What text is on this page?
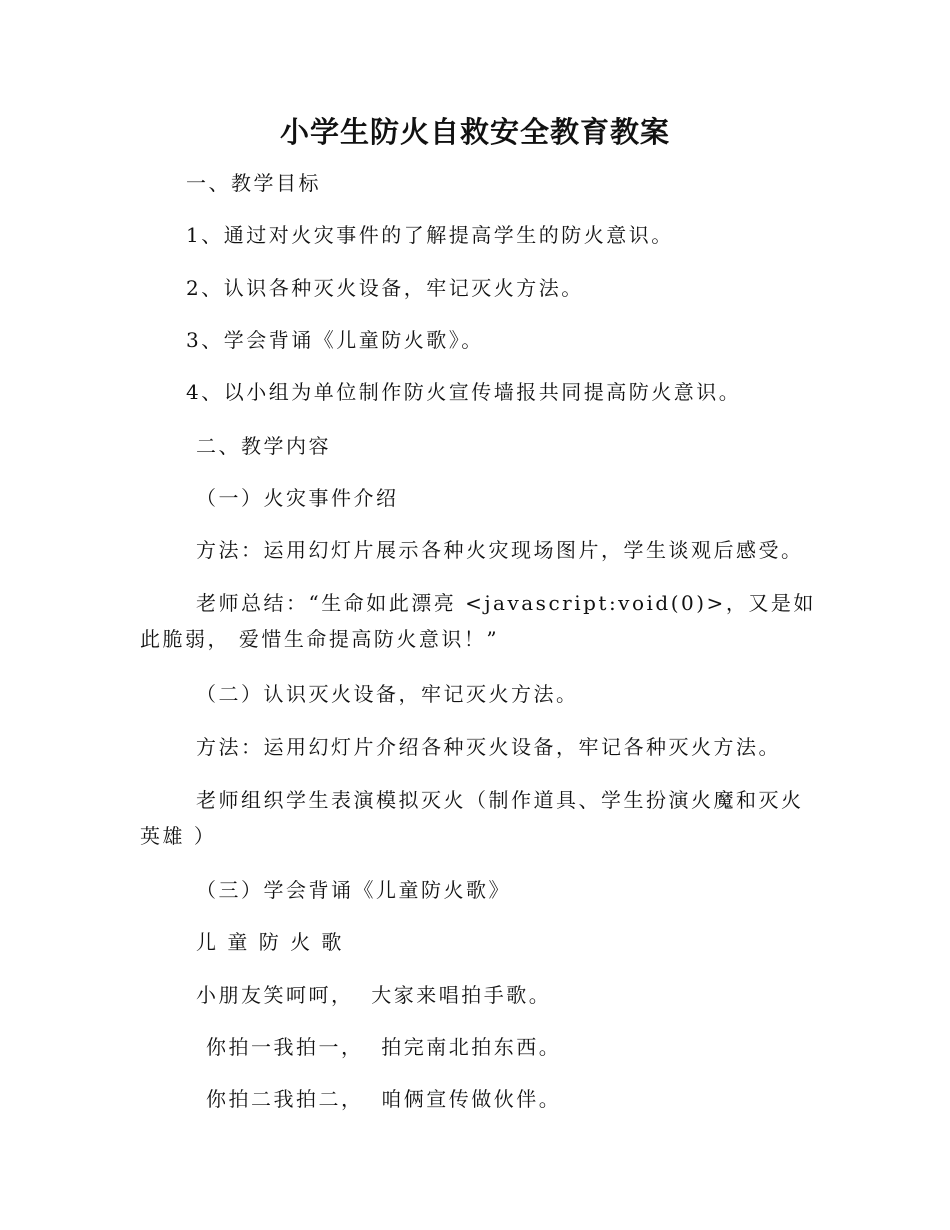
小学生防火自救安全教育教案

一、教学目标

1、通过对火灾事件的了解提高学生的防火意识。

2、认识各种灭火设备，牢记灭火方法。

3、学会背诵《儿童防火歌》。

4、以小组为单位制作防火宣传墙报共同提高防火意识。

二、教学内容

（一）火灾事件介绍

方法：运用幻灯片展示各种火灾现场图片，学生谈观后感受。

老师总结：“生命如此漂亮 <javascript:void(0)>，又是如此脆弱， 爱惜生命提高防火意识！”

（二）认识灭火设备，牢记灭火方法。

方法：运用幻灯片介绍各种灭火设备，牢记各种灭火方法。

老师组织学生表演模拟灭火（制作道具、学生扮演火魔和灭火英雄 ）

（三）学会背诵《儿童防火歌》

儿 童 防 火 歌

小朋友笑呵呵，  大家来唱拍手歌。

你拍一我拍一，  拍完南北拍东西。

你拍二我拍二，  咱俩宣传做伙伴。
